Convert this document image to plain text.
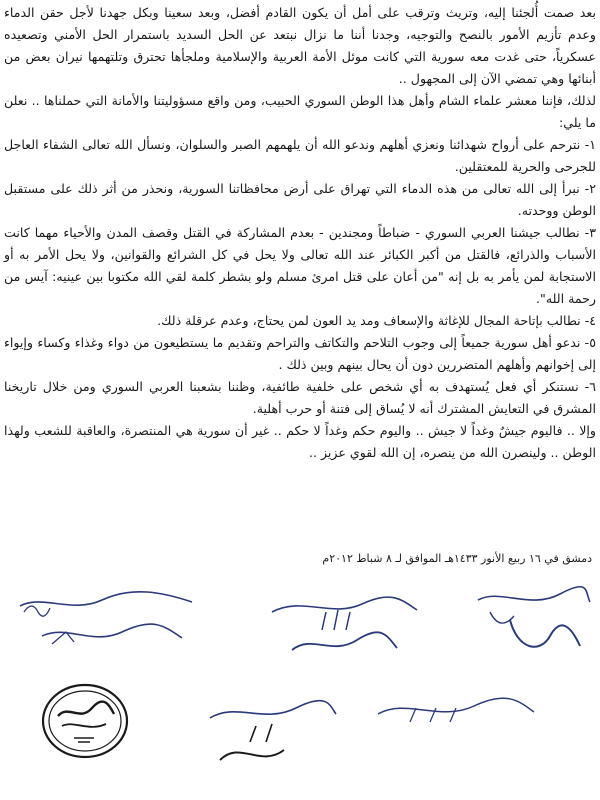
بعد صمت أُلجئنا إليه، وتريث وترقب على أمل أن يكون القادم أفضل، وبعد سعينا وبكل جهدنا لأجل حقن الدماء وعدم تأزيم الأمور بالنصح والتوجيه، وجدنا أننا ما نزال نبتعد عن الحل السديد باستمرار الحل الأمني وتصعيده عسكرياً، حتى غدت معه سورية التي كانت موئل الأمة العربية والإسلامية وملجأها تحترق وتلتهمها نيران بعض من أبنائها وهي تمضي الآن إلى المجهول ..

لذلك، فإننا معشر علماء الشام وأهل هذا الوطن السوري الحبيب، ومن واقع مسؤوليتنا والأمانة التي حملناها .. نعلن ما يلي:

١- نترحم على أرواح شهدائنا ونعزي أهلهم وندعو الله أن يلهمهم الصبر والسلوان، ونسأل الله تعالى الشفاء العاجل للجرحى والحرية للمعتقلين.

٢- نبرأ إلى الله تعالى من هذه الدماء التي تهراق على أرض محافظاتنا السورية، ونحذر من أثر ذلك على مستقبل الوطن ووحدته.

٣- نطالب جيشنا العربي السوري - ضباطاً ومجندين - بعدم المشاركة في القتل وقصف المدن والأحياء مهما كانت الأسباب والذرائع، فالقتل من أكبر الكبائر عند الله تعالى ولا يحل في كل الشرائع والقوانين، ولا يحل الأمر به أو الاستجابة لمن يأمر به بل إنه "من أعان على قتل امرئ مسلم ولو بشطر كلمة لقي الله مكتوبا بين عينيه: آيس من رحمة الله".

٤- نطالب بإتاحة المجال للإغاثة والإسعاف ومد يد العون لمن يحتاج، وعدم عرقلة ذلك.

٥- ندعو أهل سورية جميعاً إلى وجوب التلاحم والتكاتف والتراحم وتقديم ما يستطيعون من دواء وغذاء وكساء وإيواء إلى إخوانهم وأهلهم المتضررين دون أن يحال بينهم وبين ذلك .

٦- نستنكر أي فعل يُستهدف به أي شخص على خلفية طائفية، وظننا بشعبنا العربي السوري ومن خلال تاريخنا المشرق في التعايش المشترك أنه لا يُساق إلى فتنة أو حرب أهلية.

وإلا .. فاليوم جيشٌ وغداً لا جيش .. واليوم حكم وغداً لا حكم .. غير أن سورية هي المنتصرة، والعاقبة للشعب ولهذا الوطن .. ولينصرن الله من ينصره، إن الله لقوي عزيز ..

دمشق في ١٦ ربيع الأنور ١٤٣٣هـ الموافق لـ ٨ شباط ٢٠١٢م
